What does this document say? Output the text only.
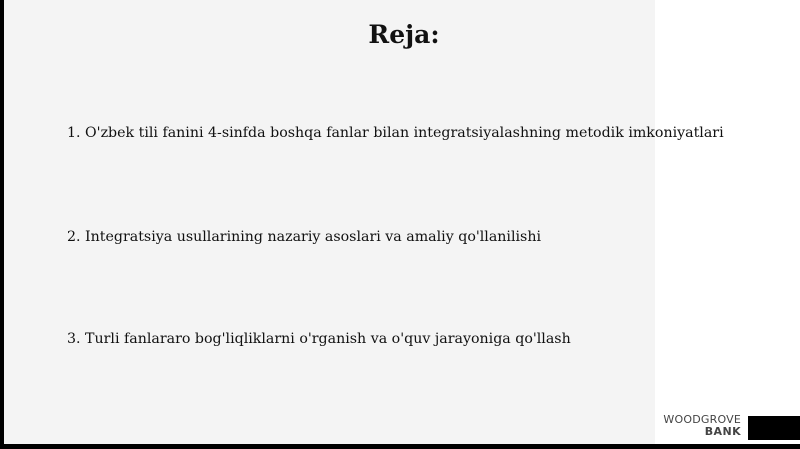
Reja:

1. O'zbek tili fanini 4-sinfda boshqa fanlar bilan integratsiyalashning metodik imkoniyatlari

2. Integratsiya usullarining nazariy asoslari va amaliy qo'llanilishi

3. Turli fanlararo bog'liqliklarni o'rganish va o'quv jarayoniga qo'llash

WOODGROVE
BANK
